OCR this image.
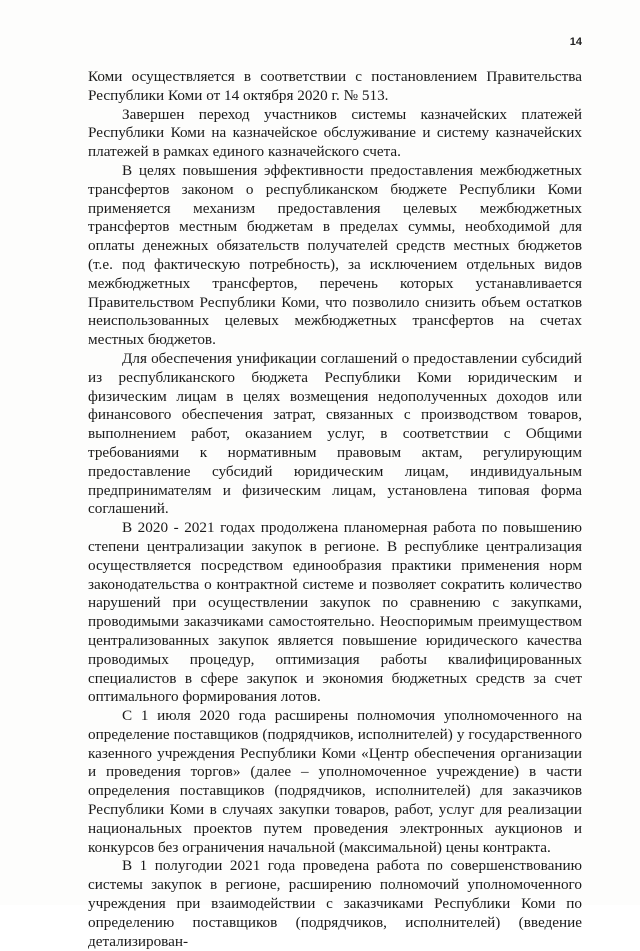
14

Коми осуществляется в соответствии с постановлением Правительства Республики Коми от 14 октября 2020 г. № 513.

Завершен переход участников системы казначейских платежей Республики Коми на казначейское обслуживание и систему казначейских платежей в рамках единого казначейского счета.

В целях повышения эффективности предоставления межбюджетных трансфертов законом о республиканском бюджете Республики Коми применяется механизм предоставления целевых межбюджетных трансфертов местным бюджетам в пределах суммы, необходимой для оплаты денежных обязательств получателей средств местных бюджетов (т.е. под фактическую потребность), за исключением отдельных видов межбюджетных трансфертов, перечень которых устанавливается Правительством Республики Коми, что позволило снизить объем остатков неиспользованных целевых межбюджетных трансфертов на счетах местных бюджетов.

Для обеспечения унификации соглашений о предоставлении субсидий из республиканского бюджета Республики Коми юридическим и физическим лицам в целях возмещения недополученных доходов или финансового обеспечения затрат, связанных с производством товаров, выполнением работ, оказанием услуг, в соответствии с Общими требованиями к нормативным правовым актам, регулирующим предоставление субсидий юридическим лицам, индивидуальным предпринимателям и физическим лицам, установлена типовая форма соглашений.

В 2020 - 2021 годах продолжена планомерная работа по повышению степени централизации закупок в регионе. В республике централизация осуществляется посредством единообразия практики применения норм законодательства о контрактной системе и позволяет сократить количество нарушений при осуществлении закупок по сравнению с закупками, проводимыми заказчиками самостоятельно. Неоспоримым преимуществом централизованных закупок является повышение юридического качества проводимых процедур, оптимизация работы квалифицированных специалистов в сфере закупок и экономия бюджетных средств за счет оптимального формирования лотов.

С 1 июля 2020 года расширены полномочия уполномоченного на определение поставщиков (подрядчиков, исполнителей) у государственного казенного учреждения Республики Коми «Центр обеспечения организации и проведения торгов» (далее – уполномоченное учреждение) в части определения поставщиков (подрядчиков, исполнителей) для заказчиков Республики Коми в случаях закупки товаров, работ, услуг для реализации национальных проектов путем проведения электронных аукционов и конкурсов без ограничения начальной (максимальной) цены контракта.

В 1 полугодии 2021 года проведена работа по совершенствованию системы закупок в регионе, расширению полномочий уполномоченного учреждения при взаимодействии с заказчиками Республики Коми по определению поставщиков (подрядчиков, исполнителей) (введение детализирован-
